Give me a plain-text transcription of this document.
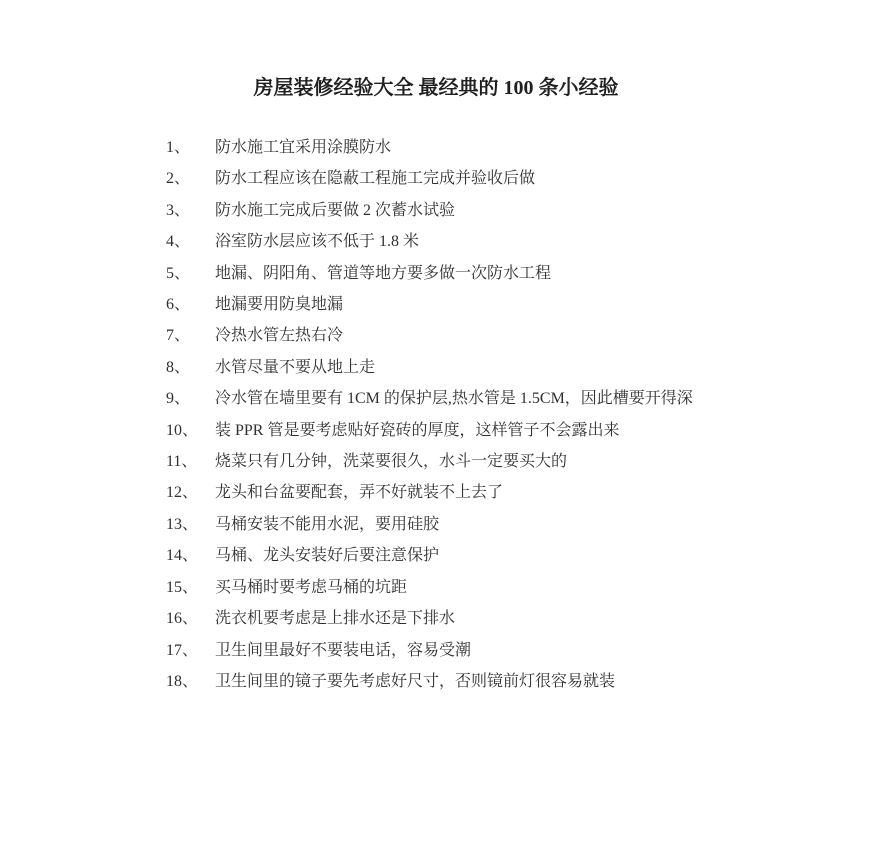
房屋装修经验大全 最经典的 100 条小经验

1、 防水施工宜采用涂膜防水

2、 防水工程应该在隐蔽工程施工完成并验收后做

3、 防水施工完成后要做 2 次蓄水试验

4、 浴室防水层应该不低于 1.8 米

5、 地漏、阴阳角、管道等地方要多做一次防水工程

6、 地漏要用防臭地漏

7、 冷热水管左热右冷

8、 水管尽量不要从地上走

9、 冷水管在墙里要有 1CM 的保护层,热水管是 1.5CM，因此槽要开得深

10、 装 PPR 管是要考虑贴好瓷砖的厚度，这样管子不会露出来

11、 烧菜只有几分钟，洗菜要很久，水斗一定要买大的

12、 龙头和台盆要配套，弄不好就装不上去了

13、 马桶安装不能用水泥，要用硅胶

14、 马桶、龙头安装好后要注意保护

15、 买马桶时要考虑马桶的坑距

16、 洗衣机要考虑是上排水还是下排水

17、 卫生间里最好不要装电话，容易受潮

18、 卫生间里的镜子要先考虑好尺寸，否则镜前灯很容易就装
